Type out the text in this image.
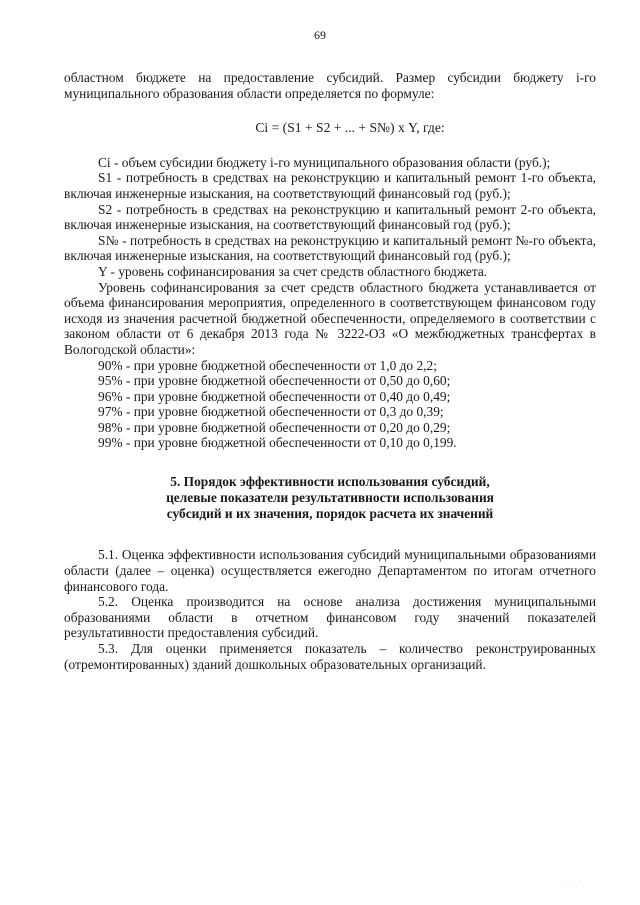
69

областном бюджете на предоставление субсидий. Размер субсидии бюджету i-го муниципального образования области определяется по формуле:

Ci = (S1 + S2 + ... + S№) х Y, где:

Ci - объем субсидии бюджету i-го муниципального образования области (руб.);

S1 - потребность в средствах на реконструкцию и капитальный ремонт 1-го объекта, включая инженерные изыскания, на соответствующий финансовый год (руб.);

S2 - потребность в средствах на реконструкцию и капитальный ремонт 2-го объекта, включая инженерные изыскания, на соответствующий финансовый год (руб.);

S№ - потребность в средствах на реконструкцию и капитальный ремонт №-го объекта, включая инженерные изыскания, на соответствующий финансовый год (руб.);

Y - уровень софинансирования за счет средств областного бюджета.

Уровень софинансирования за счет средств областного бюджета устанавливается от объема финансирования мероприятия, определенного в соответствующем финансовом году исходя из значения расчетной бюджетной обеспеченности, определяемого в соответствии с законом области от 6 декабря 2013 года № 3222-ОЗ «О межбюджетных трансфертах в Вологодской области»:

90% - при уровне бюджетной обеспеченности от 1,0 до 2,2;

95% - при уровне бюджетной обеспеченности от 0,50 до 0,60;

96% - при уровне бюджетной обеспеченности от 0,40 до 0,49;

97% - при уровне бюджетной обеспеченности от 0,3 до 0,39;

98% - при уровне бюджетной обеспеченности от 0,20 до 0,29;

99% - при уровне бюджетной обеспеченности от 0,10 до 0,199.

5. Порядок эффективности использования субсидий,
целевые показатели результативности использования
субсидий и их значения, порядок расчета их значений

5.1. Оценка эффективности использования субсидий муниципальными образованиями области (далее – оценка) осуществляется ежегодно Департаментом по итогам отчетного финансового года.

5.2. Оценка производится на основе анализа достижения муниципальными образованиями области в отчетном финансовом году значений показателей результативности предоставления субсидий.

5.3. Для оценки применяется показатель – количество реконструированных (отремонтированных) зданий дошкольных образовательных организаций.

· ·
